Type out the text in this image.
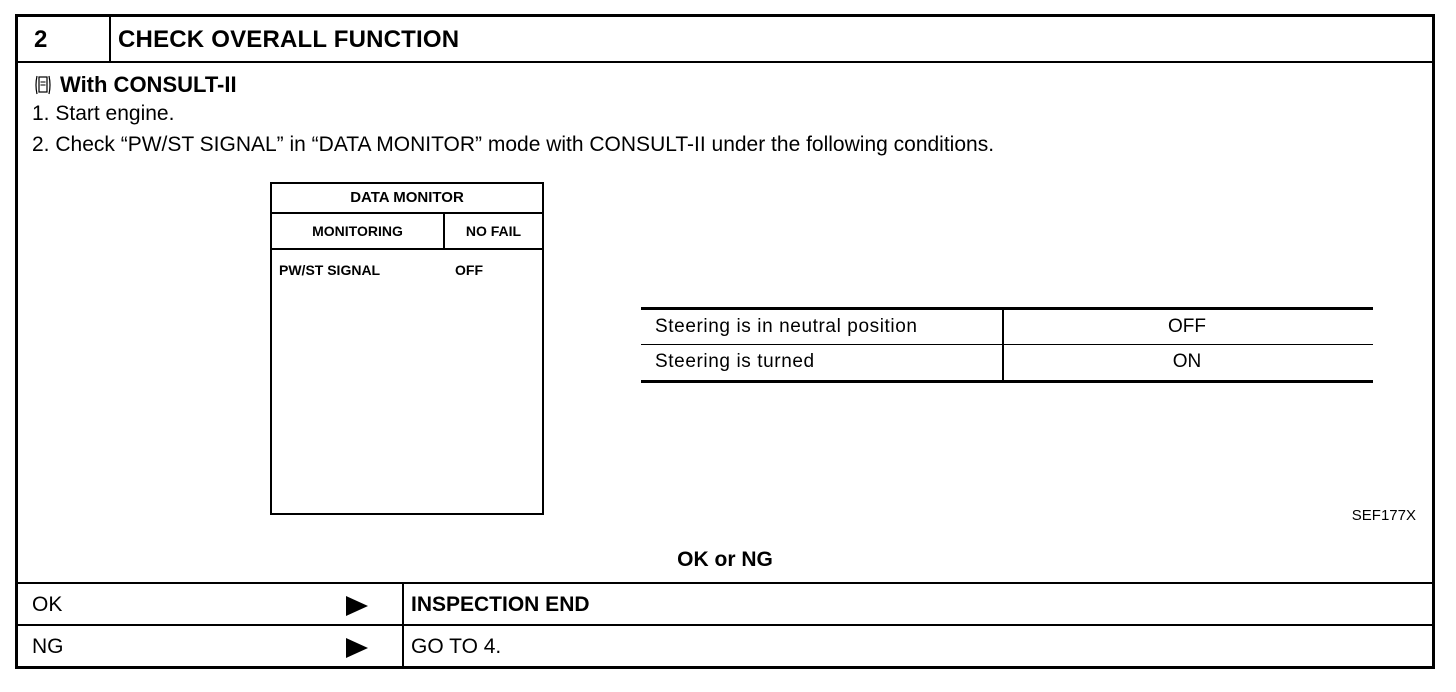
2	CHECK OVERALL FUNCTION
With CONSULT-II
1. Start engine.
2. Check “PW/ST SIGNAL” in “DATA MONITOR” mode with CONSULT-II under the following conditions.
DATA MONITOR
MONITORING	NO FAIL
PW/ST SIGNAL	OFF
Steering is in neutral position	OFF
Steering is turned	ON
SEF177X
OK or NG
OK	INSPECTION END
NG	GO TO 4.
